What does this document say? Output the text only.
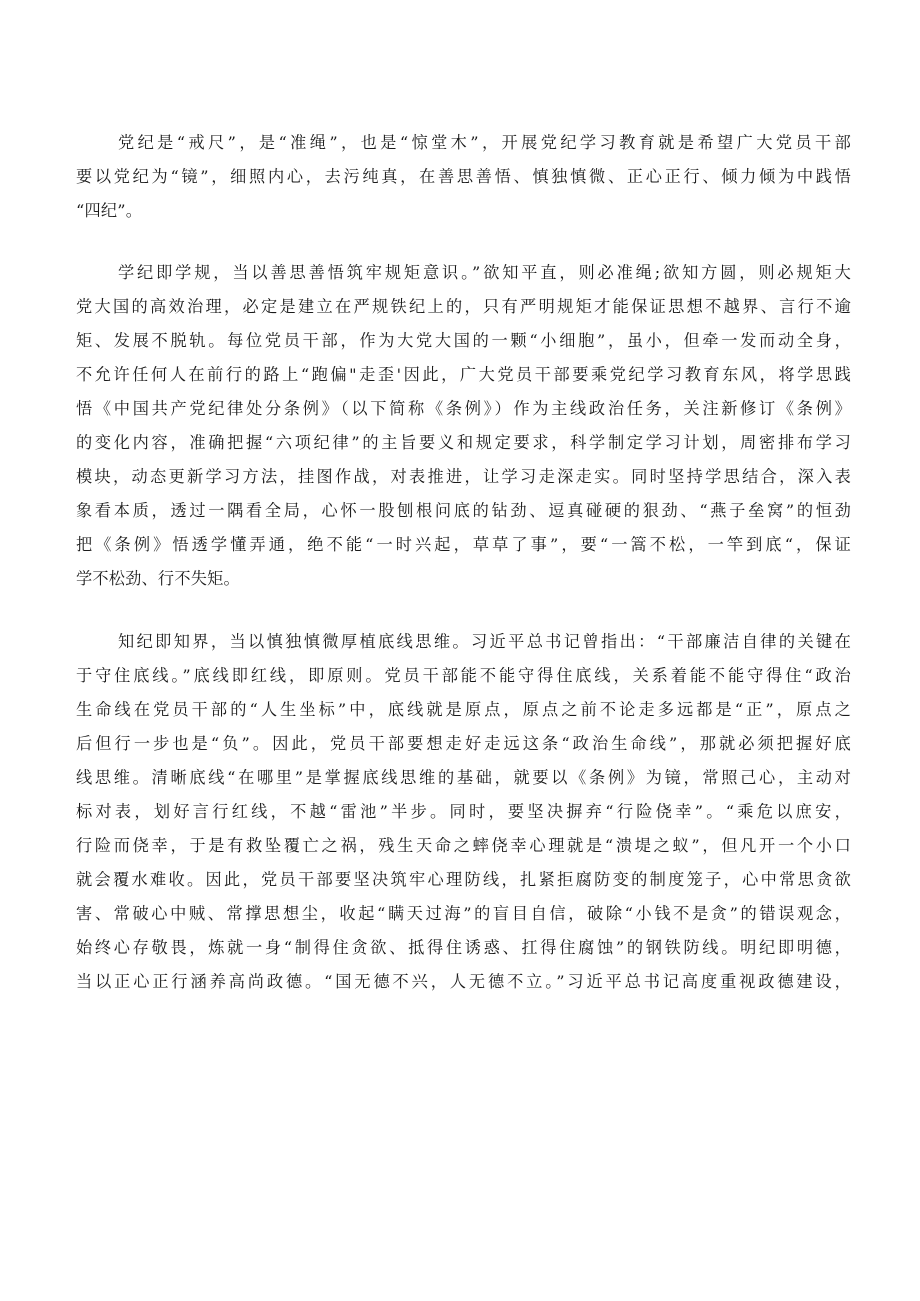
党纪是“戒尺”，是“准绳”，也是“惊堂木”，开展党纪学习教育就是希望广大党员干部
要以党纪为“镜”，细照内心，去污纯真，在善思善悟、慎独慎微、正心正行、倾力倾为中践悟
“四纪”。
学纪即学规，当以善思善悟筑牢规矩意识。”欲知平直，则必准绳;欲知方圆，则必规矩大
党大国的高效治理，必定是建立在严规铁纪上的，只有严明规矩才能保证思想不越界、言行不逾
矩、发展不脱轨。每位党员干部，作为大党大国的一颗“小细胞”，虽小，但牵一发而动全身，
不允许任何人在前行的路上“跑偏"走歪'因此，广大党员干部要乘党纪学习教育东风，将学思践
悟《中国共产党纪律处分条例》（以下简称《条例》）作为主线政治任务，关注新修订《条例》
的变化内容，准确把握“六项纪律”的主旨要义和规定要求，科学制定学习计划，周密排布学习
模块，动态更新学习方法，挂图作战，对表推进，让学习走深走实。同时坚持学思结合，深入表
象看本质，透过一隅看全局，心怀一股刨根问底的钻劲、逗真碰硬的狠劲、“燕子垒窝”的恒劲
把《条例》悟透学懂弄通，绝不能“一时兴起，草草了事”，要“一篙不松，一竿到底“，保证
学不松劲、行不失矩。
知纪即知界，当以慎独慎微厚植底线思维。习近平总书记曾指出：“干部廉洁自律的关键在
于守住底线。”底线即红线，即原则。党员干部能不能守得住底线，关系着能不能守得住“政治
生命线在党员干部的“人生坐标”中，底线就是原点，原点之前不论走多远都是“正”，原点之
后但行一步也是“负”。因此，党员干部要想走好走远这条“政治生命线”，那就必须把握好底
线思维。清晰底线“在哪里”是掌握底线思维的基础，就要以《条例》为镜，常照己心，主动对
标对表，划好言行红线，不越“雷池”半步。同时，要坚决摒弃“行险侥幸”。“乘危以庶安，
行险而侥幸，于是有救坠覆亡之祸，残生天命之蟀侥幸心理就是“溃堤之蚁”，但凡开一个小口
就会覆水难收。因此，党员干部要坚决筑牢心理防线，扎紧拒腐防变的制度笼子，心中常思贪欲
害、常破心中贼、常撑思想尘，收起“瞒天过海”的盲目自信，破除“小钱不是贪”的错误观念，
始终心存敬畏，炼就一身“制得住贪欲、抵得住诱惑、扛得住腐蚀”的钢铁防线。明纪即明德，
当以正心正行涵养高尚政德。“国无德不兴，人无德不立。”习近平总书记高度重视政德建设，
